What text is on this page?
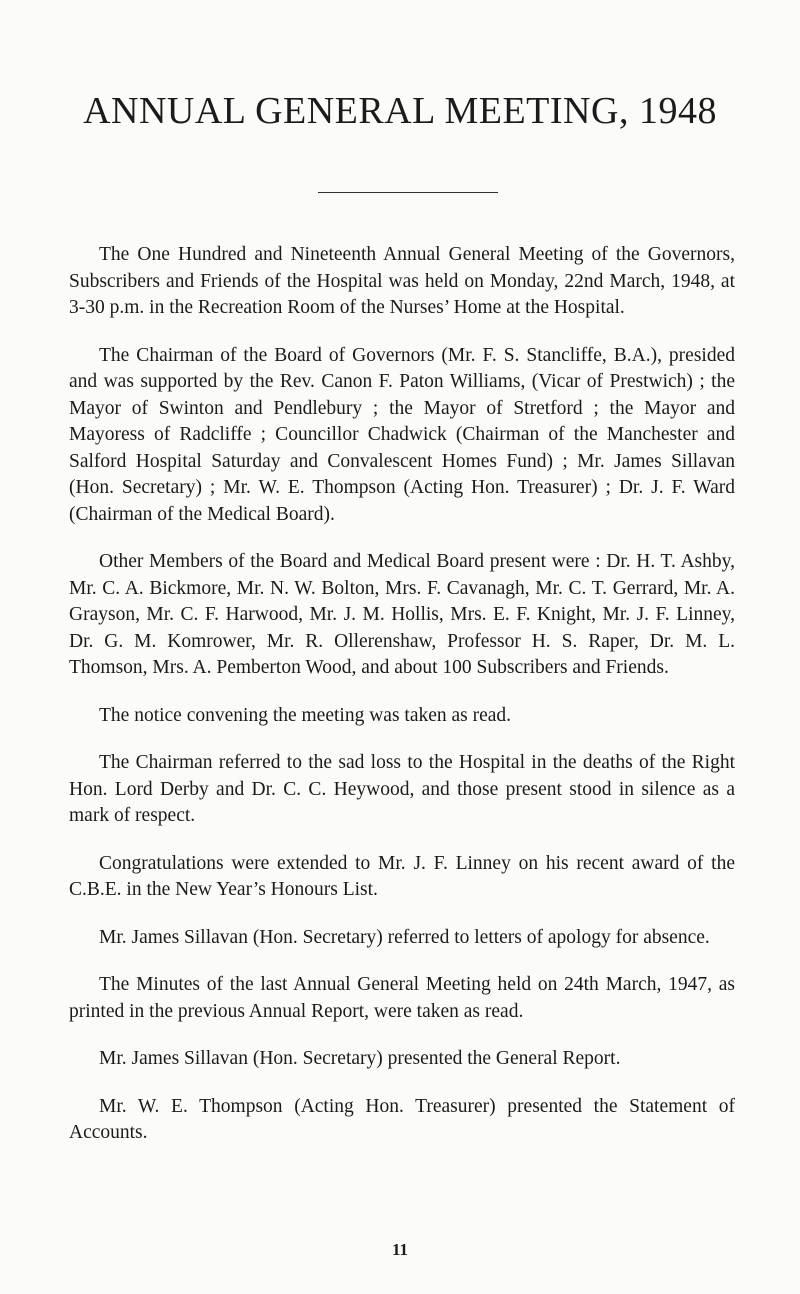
ANNUAL GENERAL MEETING, 1948

The One Hundred and Nineteenth Annual General Meeting of the Governors, Subscribers and Friends of the Hospital was held on Monday, 22nd March, 1948, at 3-30 p.m. in the Recreation Room of the Nurses’ Home at the Hospital.

The Chairman of the Board of Governors (Mr. F. S. Stancliffe, B.A.), presided and was supported by the Rev. Canon F. Paton Williams, (Vicar of Prestwich) ; the Mayor of Swinton and Pendlebury ; the Mayor of Stretford ; the Mayor and Mayoress of Radcliffe ; Councillor Chadwick (Chairman of the Manchester and Salford Hospital Saturday and Convalescent Homes Fund) ; Mr. James Sillavan (Hon. Secretary) ; Mr. W. E. Thompson (Acting Hon. Treasurer) ; Dr. J. F. Ward (Chairman of the Medical Board).

Other Members of the Board and Medical Board present were : Dr. H. T. Ashby, Mr. C. A. Bickmore, Mr. N. W. Bolton, Mrs. F. Cavanagh, Mr. C. T. Gerrard, Mr. A. Grayson, Mr. C. F. Harwood, Mr. J. M. Hollis, Mrs. E. F. Knight, Mr. J. F. Linney, Dr. G. M. Komrower, Mr. R. Ollerenshaw, Professor H. S. Raper, Dr. M. L. Thomson, Mrs. A. Pemberton Wood, and about 100 Subscribers and Friends.

The notice convening the meeting was taken as read.

The Chairman referred to the sad loss to the Hospital in the deaths of the Right Hon. Lord Derby and Dr. C. C. Heywood, and those present stood in silence as a mark of respect.

Congratulations were extended to Mr. J. F. Linney on his recent award of the C.B.E. in the New Year’s Honours List.

Mr. James Sillavan (Hon. Secretary) referred to letters of apology for absence.

The Minutes of the last Annual General Meeting held on 24th March, 1947, as printed in the previous Annual Report, were taken as read.

Mr. James Sillavan (Hon. Secretary) presented the General Report.

Mr. W. E. Thompson (Acting Hon. Treasurer) presented the Statement of Accounts.

11
